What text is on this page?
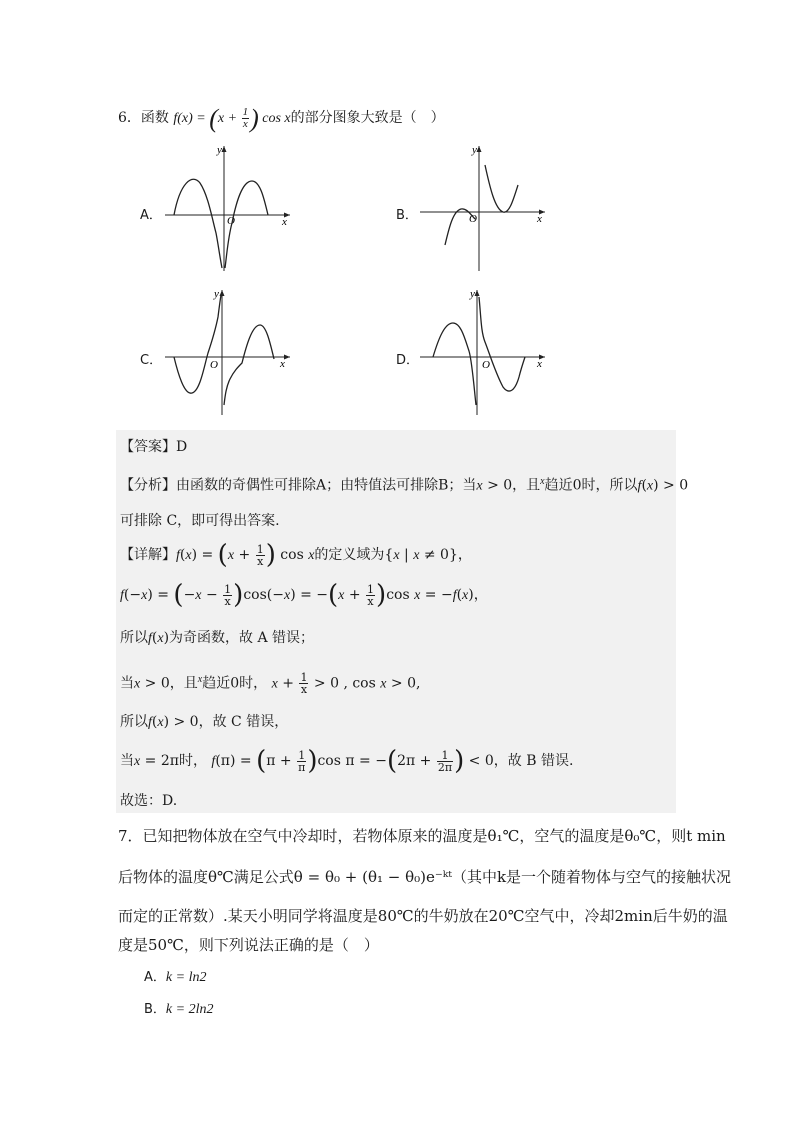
6．函数 $f(x) = (x + \frac{1}{x}$ ) cos x的部分图象大致是（　）
A．
y
x
O	B．
y
x
O
C．
y
x
O	D．
y
x
O
【答案】D
【分析】由函数的奇偶性可排除A；由特值法可排除B；当x > 0，且$^x$趋近0时，所以f(x) > 0
可排除 C，即可得出答案.
【详解】$f(x) = (x + \frac{1}{x}$ ) cos x的定义域为{x | x ≠ 0}，
$f(-x) = (-x - \frac{1}{x} )\cos(-x) = -(x + \frac{1}{x} )\cos$ x = −f(x)，
所以f(x)为奇函数，故 A 错误；
当x > 0，且$^x$趋近0时， $x + \frac{1}{x} > 0$ , cos x > 0,
所以f(x) > 0，故 C 错误，
当x = 2π时， $f(\pi) = (\pi + \frac{1}{\pi} )\cos$ $\pi = -(2\pi + \frac{1}{2\pi}$ ) < 0，故 B 错误.
故选：D.
7．已知把物体放在空气中冷却时，若物体原来的温度是θ₁℃，空气的温度是θ₀℃，则t min
后物体的温度θ℃满足公式θ = θ₀ + (θ₁ − θ₀)e⁻ᵏᵗ（其中k是一个随着物体与空气的接触状况
而定的正常数）.某天小明同学将温度是80℃的牛奶放在20℃空气中，冷却2min后牛奶的温
度是50℃，则下列说法正确的是（　）
A．k = ln2
B．k = 2ln2
